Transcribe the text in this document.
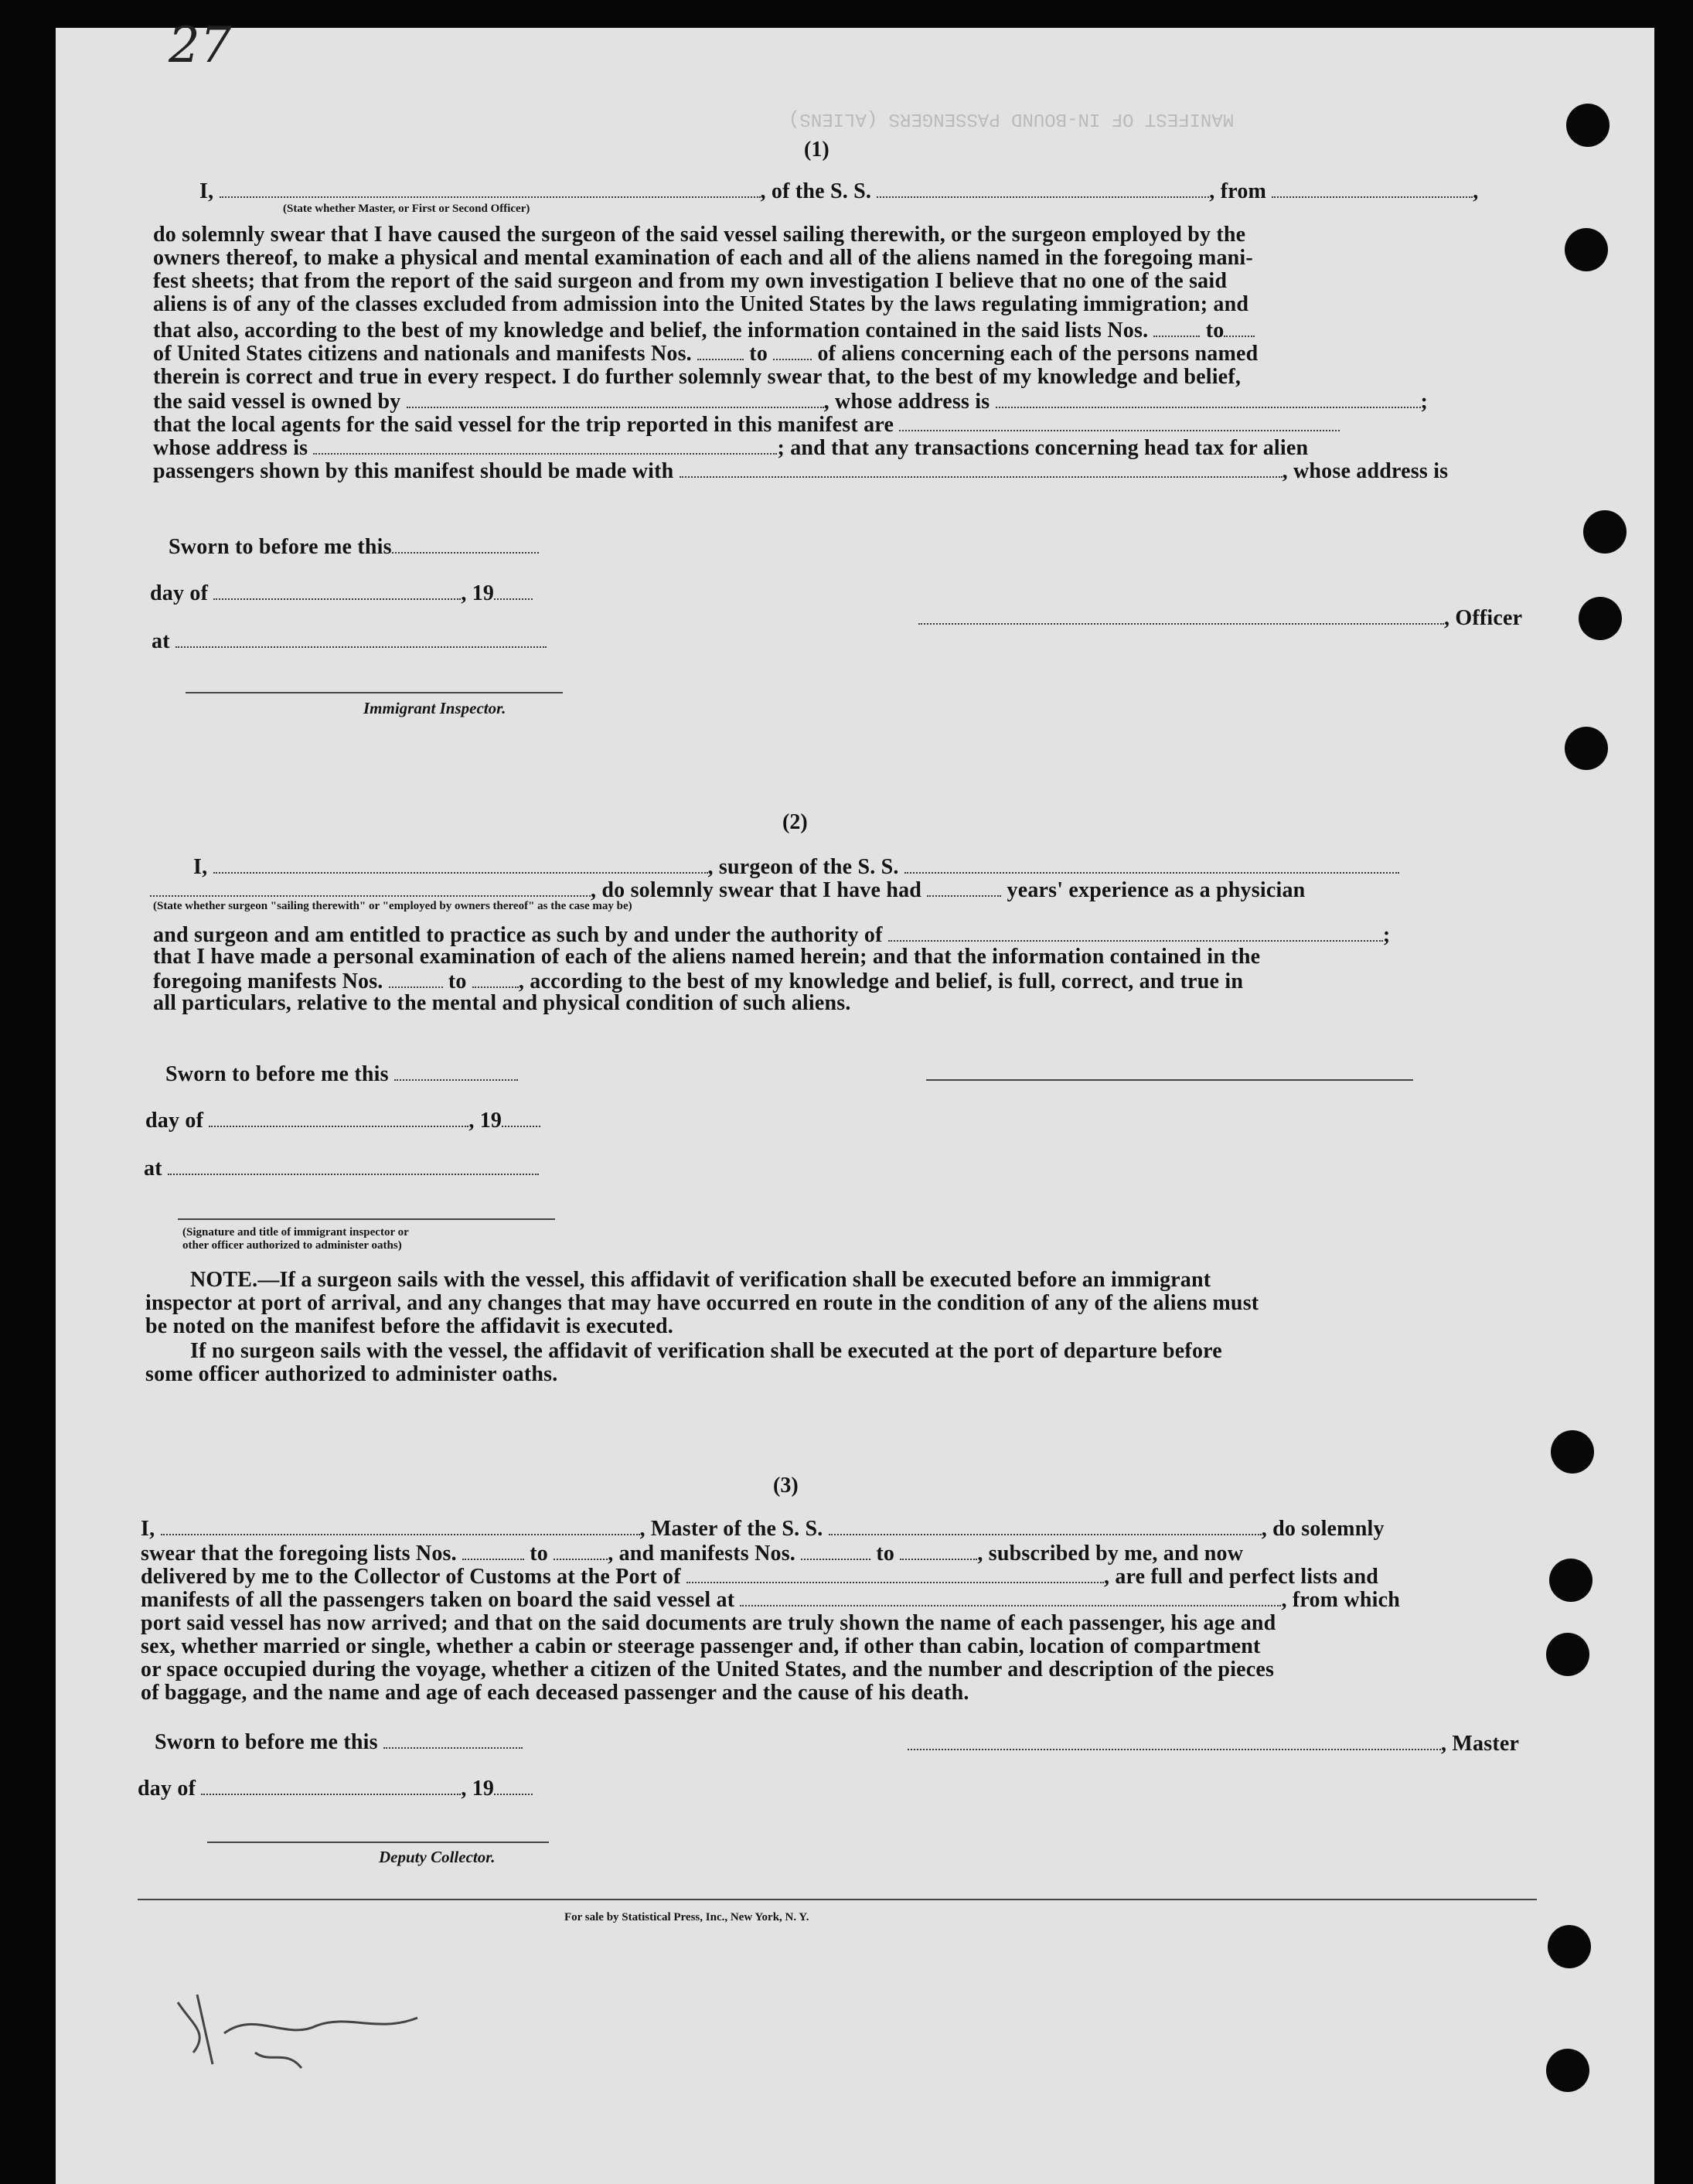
27
MANIFEST OF IN-BOUND PASSENGERS (ALIENS)
(1)
I,	, of the S. S.	, from	,
(State whether Master, or First or Second Officer)
do solemnly swear that I have caused the surgeon of the said vessel sailing therewith, or the surgeon employed by the
owners thereof, to make a physical and mental examination of each and all of the aliens named in the foregoing mani-
fest sheets; that from the report of the said surgeon and from my own investigation I believe that no one of the said
aliens is of any of the classes excluded from admission into the United States by the laws regulating immigration; and
that also, according to the best of my knowledge and belief, the information contained in the said lists Nos.	to
of United States citizens and nationals and manifests Nos.	to of aliens concerning each of the persons named
therein is correct and true in every respect. I do further solemnly swear that, to the best of my knowledge and belief,
the said vessel is owned by	, whose address is	;
that the local agents for the said vessel for the trip reported in this manifest are
whose address is	; and that any transactions concerning head tax for alien
passengers shown by this manifest should be made with	, whose address is
Sworn to before me this
day of	, 19
at
Immigrant Inspector.
, Officer
(2)
I,	, surgeon of the S. S.
, do solemnly swear that I have had	years' experience as a physician
(State whether surgeon "sailing therewith" or "employed by owners thereof" as the case may be)
and surgeon and am entitled to practice as such by and under the authority of	;
that I have made a personal examination of each of the aliens named herein; and that the information contained in the
foregoing manifests Nos.	to , according to the best of my knowledge and belief, is full, correct, and true in
all particulars, relative to the mental and physical condition of such aliens.
Sworn to before me this
day of	, 19
at
(Signature and title of immigrant inspector or
other officer authorized to administer oaths)
NOTE.—If a surgeon sails with the vessel, this affidavit of verification shall be executed before an immigrant
inspector at port of arrival, and any changes that may have occurred en route in the condition of any of the aliens must
be noted on the manifest before the affidavit is executed.
If no surgeon sails with the vessel, the affidavit of verification shall be executed at the port of departure before
some officer authorized to administer oaths.
(3)
I,	, Master of the S. S.	, do solemnly
swear that the foregoing lists Nos.	to	, and manifests Nos.	to	, subscribed by me, and now
delivered by me to the Collector of Customs at the Port of	, are full and perfect lists and
manifests of all the passengers taken on board the said vessel at	, from which
port said vessel has now arrived; and that on the said documents are truly shown the name of each passenger, his age and
sex, whether married or single, whether a cabin or steerage passenger and, if other than cabin, location of compartment
or space occupied during the voyage, whether a citizen of the United States, and the number and description of the pieces
of baggage, and the name and age of each deceased passenger and the cause of his death.
Sworn to before me this	, Master
day of	, 19
Deputy Collector.
For sale by Statistical Press, Inc., New York, N. Y.
